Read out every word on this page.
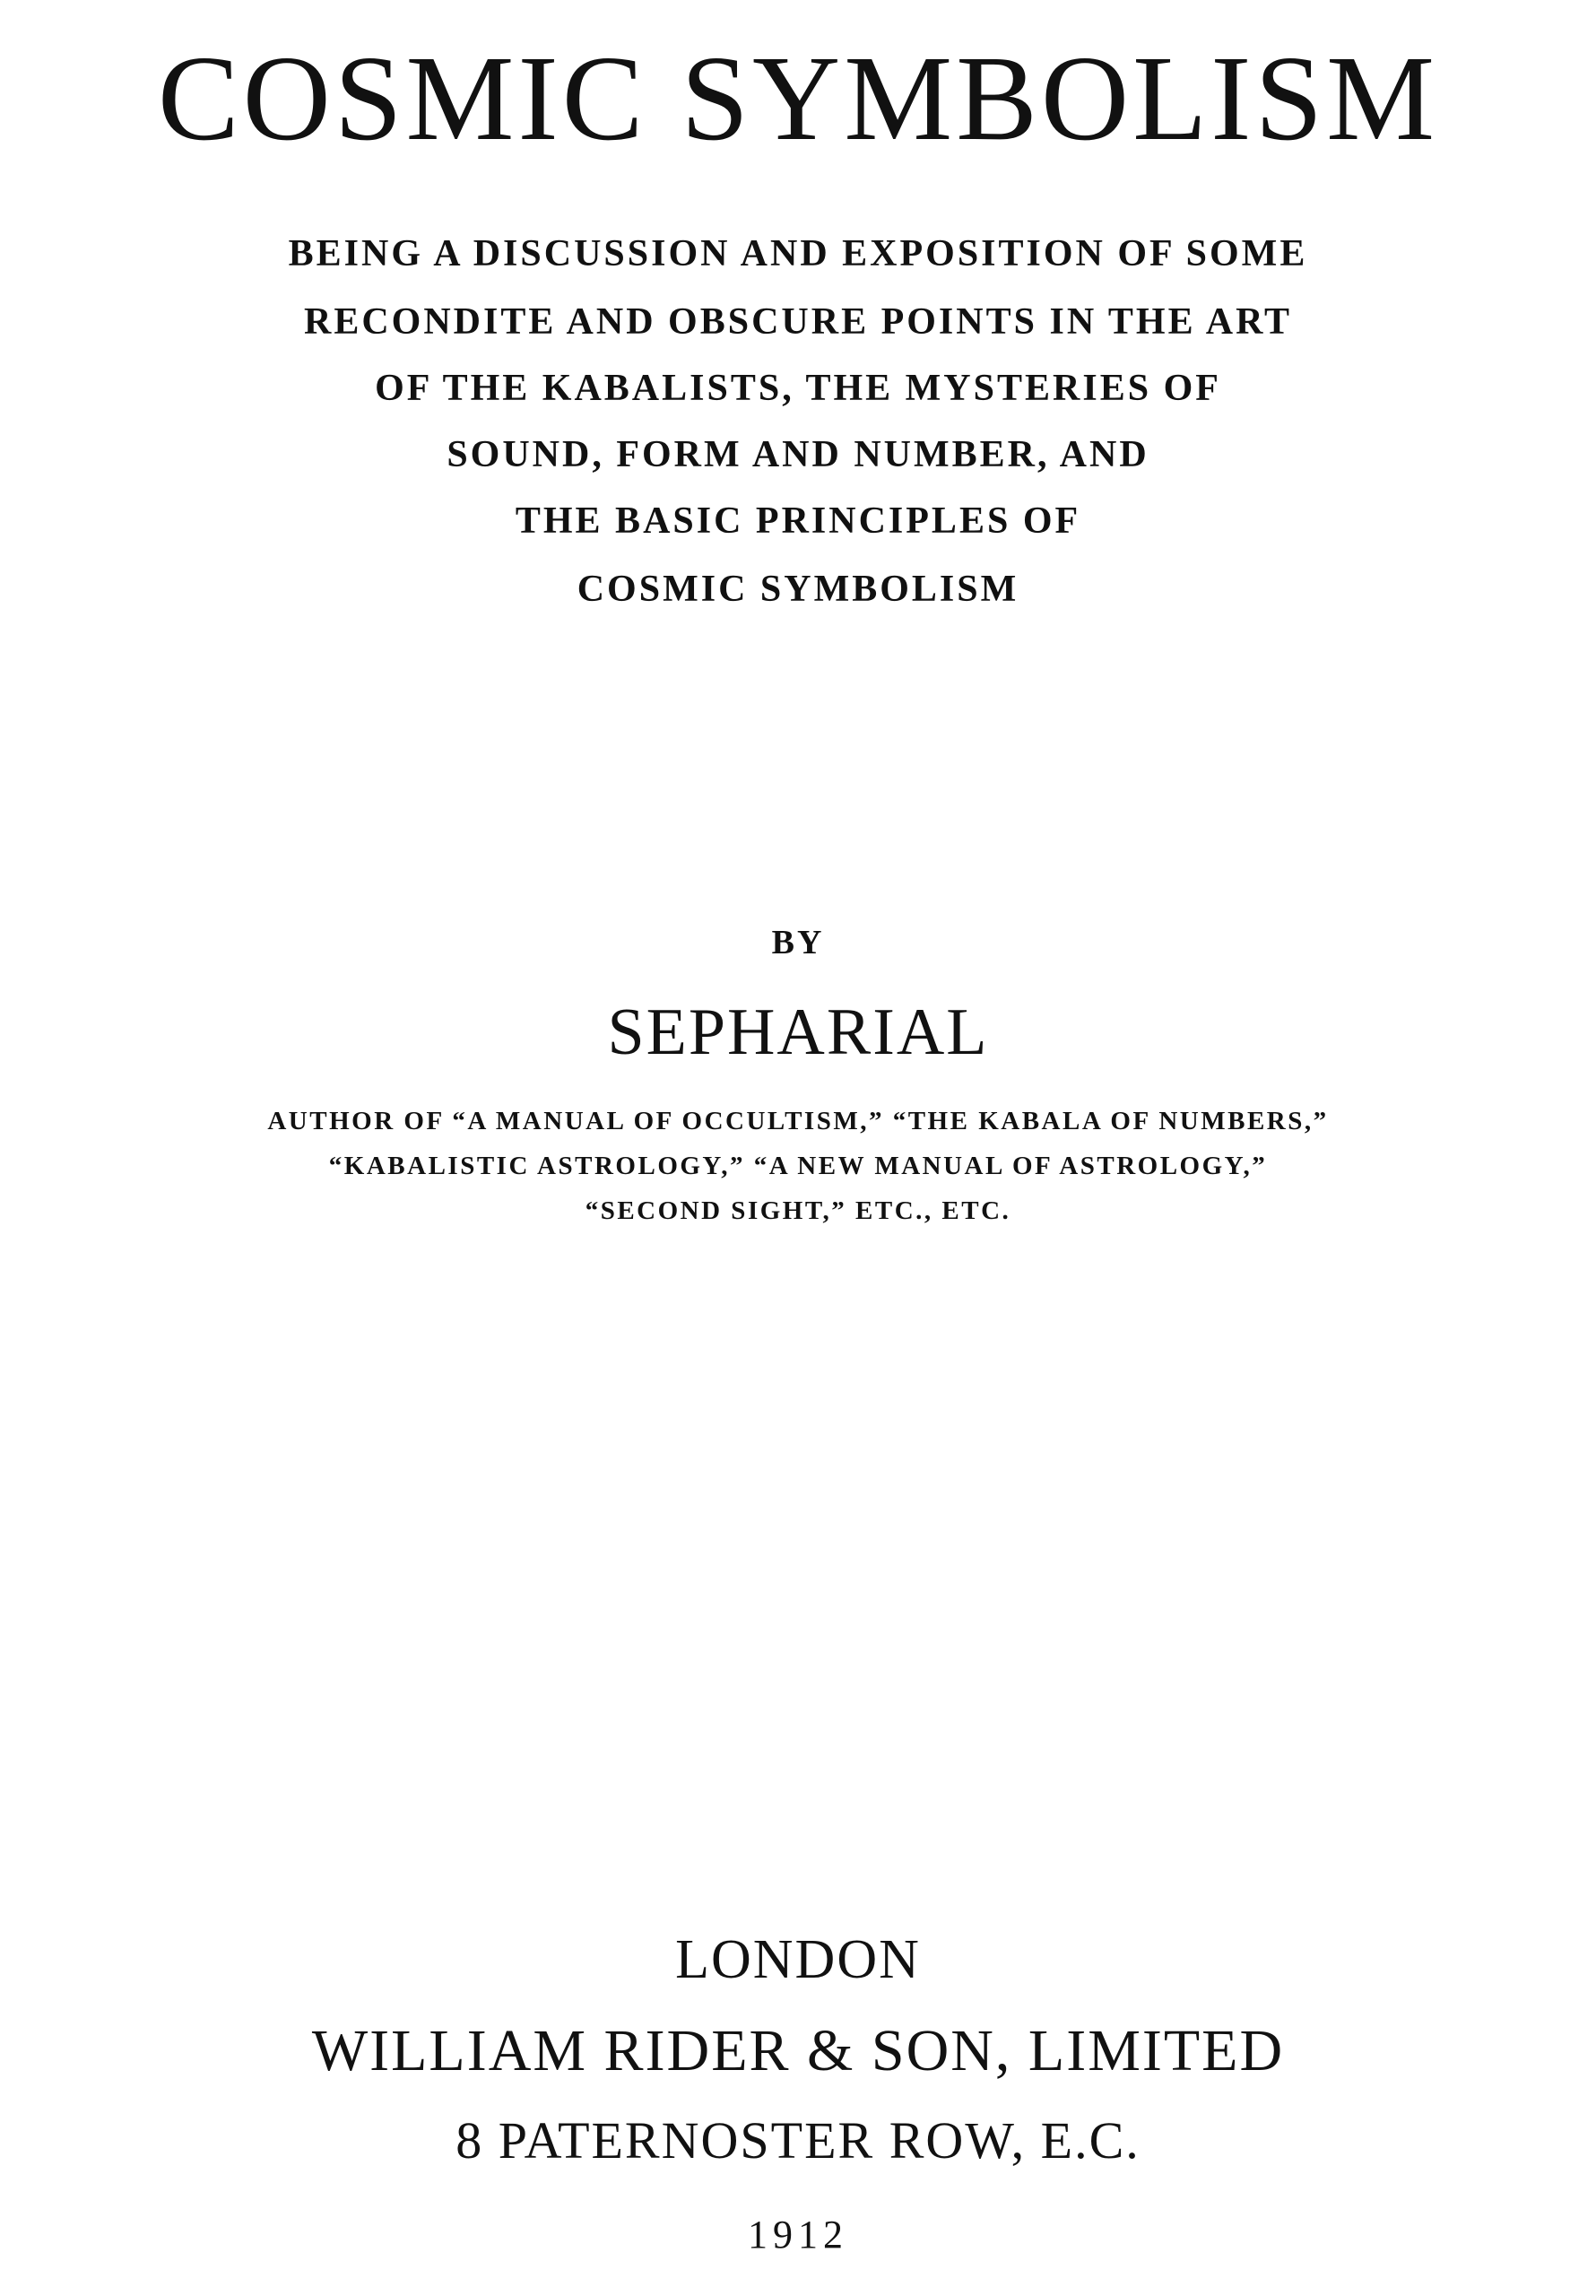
COSMIC SYMBOLISM

BEING A DISCUSSION AND EXPOSITION OF SOME

RECONDITE AND OBSCURE POINTS IN THE ART

OF THE KABALISTS, THE MYSTERIES OF

SOUND, FORM AND NUMBER, AND

THE BASIC PRINCIPLES OF

COSMIC SYMBOLISM

BY

SEPHARIAL

AUTHOR OF “A MANUAL OF OCCULTISM,” “THE KABALA OF NUMBERS,”

“KABALISTIC ASTROLOGY,” “A NEW MANUAL OF ASTROLOGY,”

“SECOND SIGHT,” ETC., ETC.

LONDON

WILLIAM RIDER & SON, LIMITED

8 PATERNOSTER ROW, E.C.

1912
